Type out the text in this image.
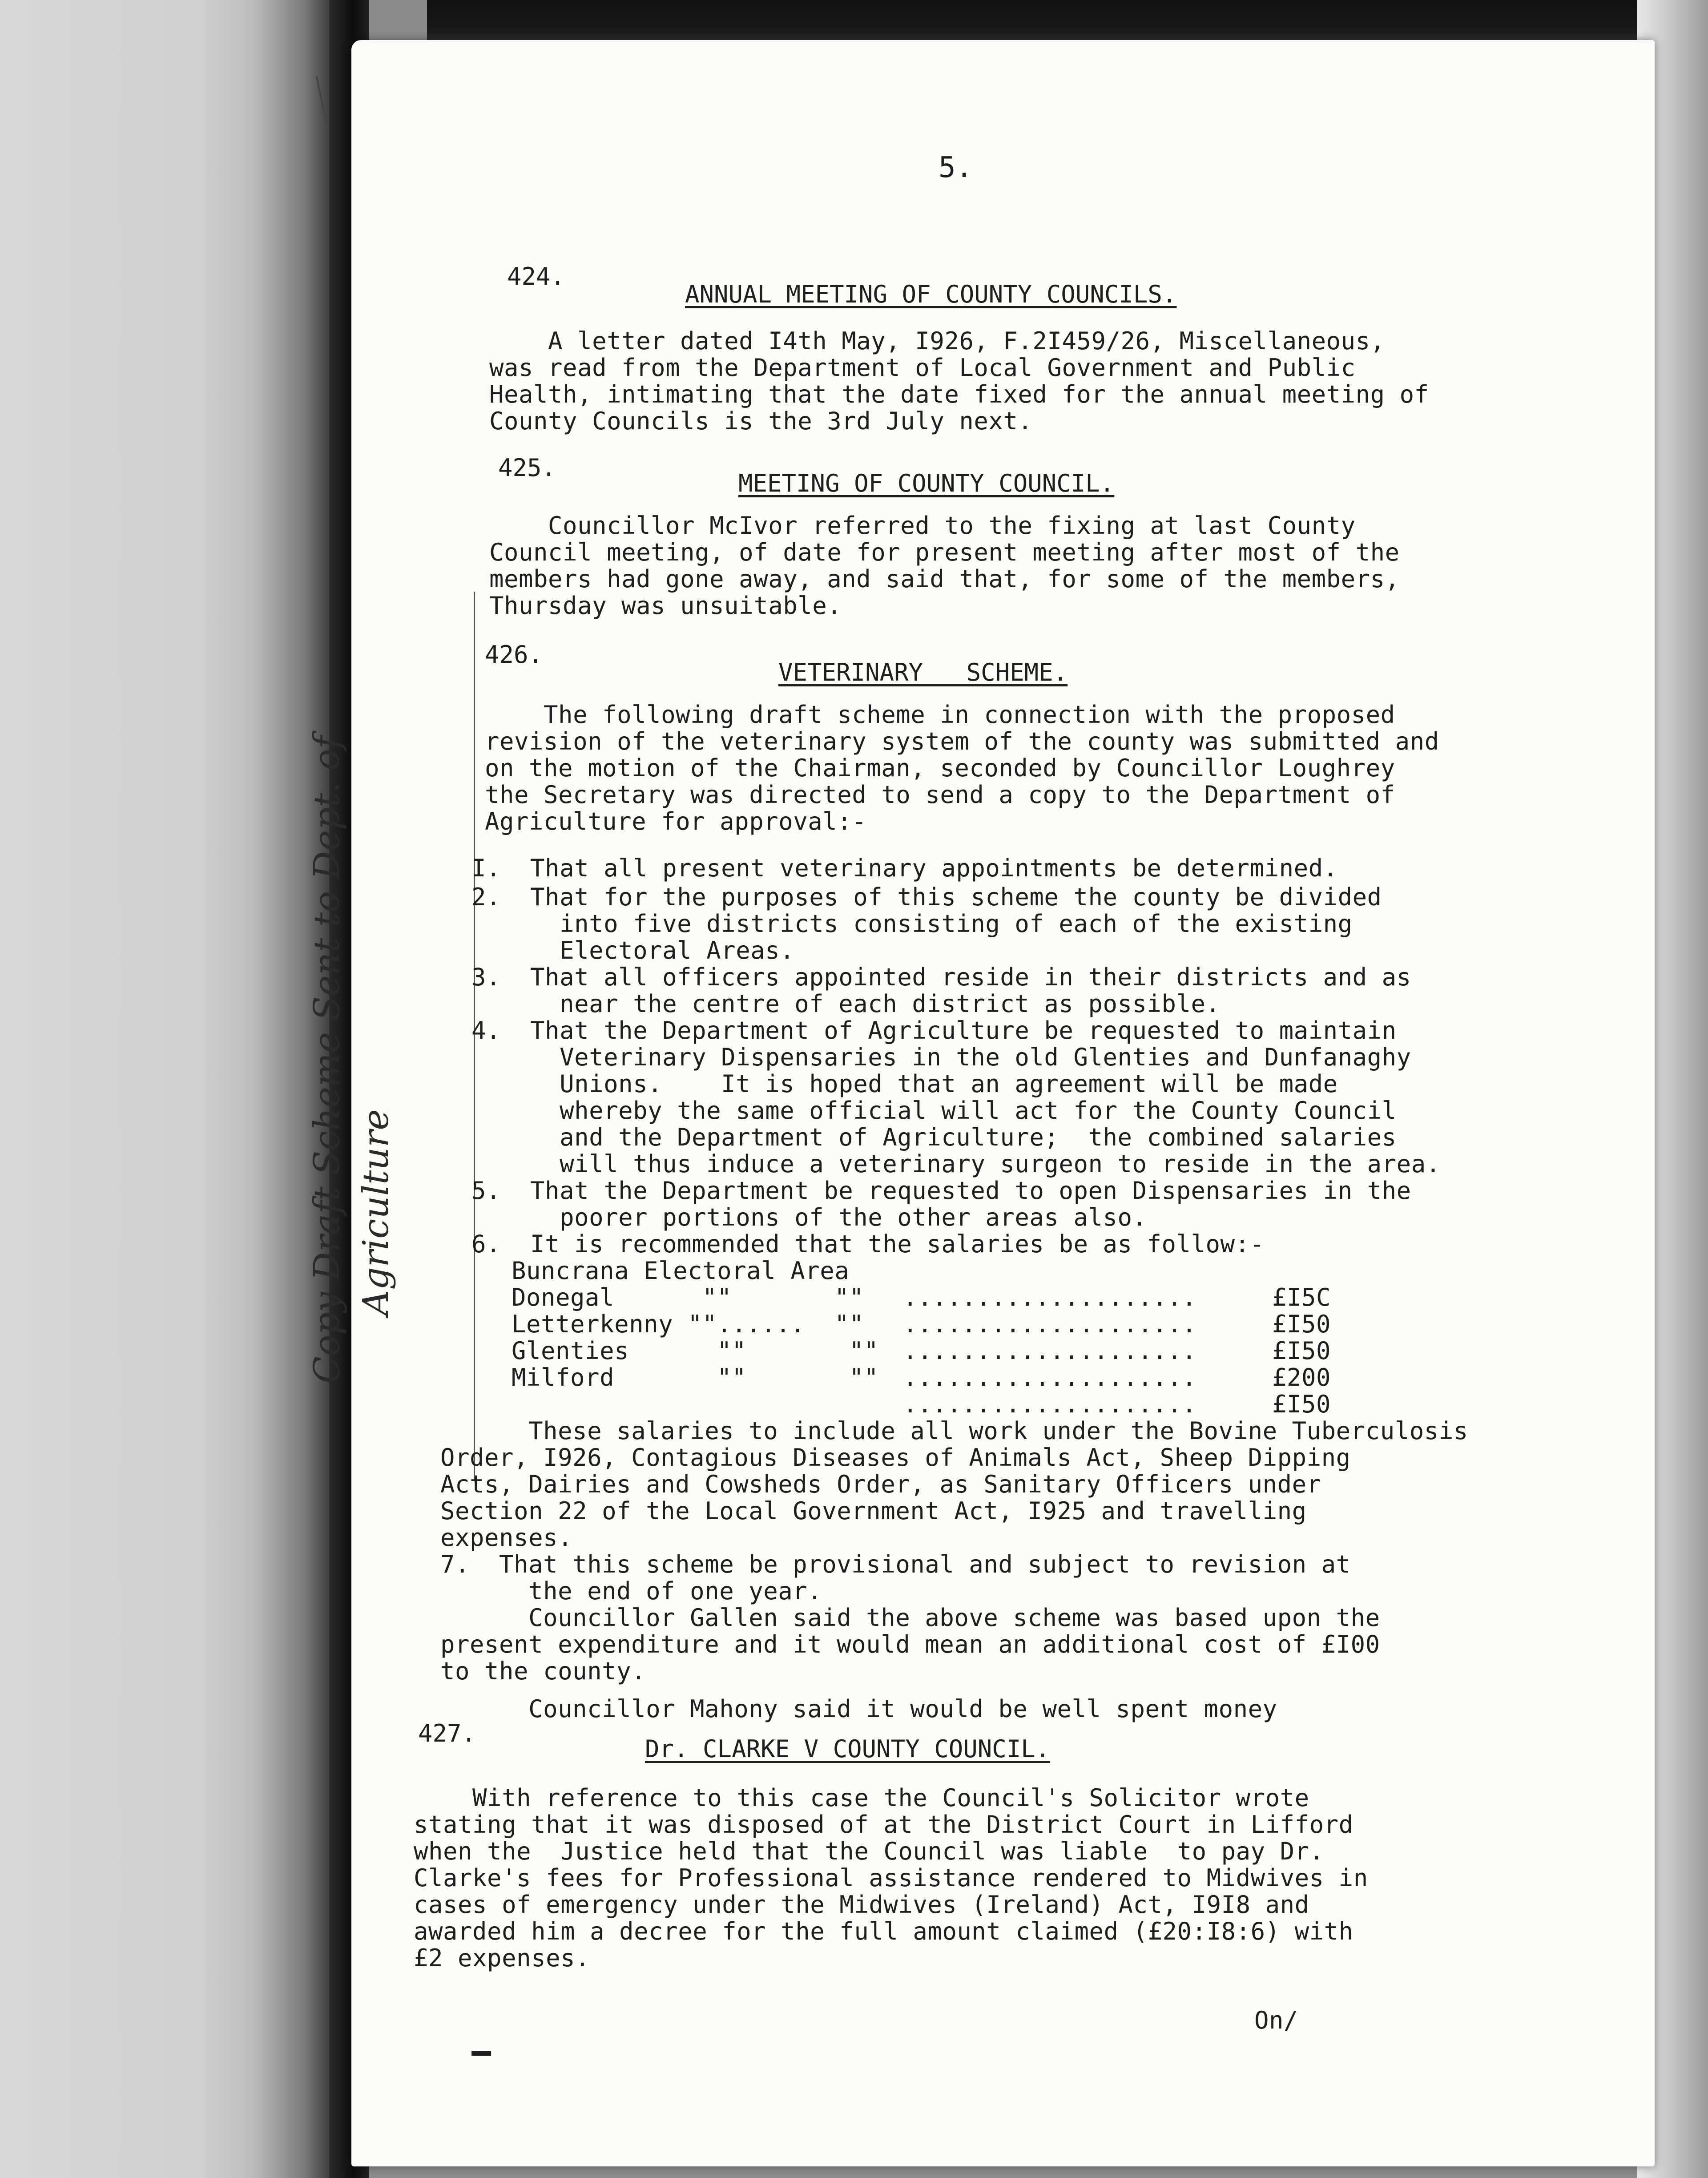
5.
424.
ANNUAL MEETING OF COUNTY COUNCILS.
A letter dated I4th May, I926, F.2I459/26, Miscellaneous,
was read from the Department of Local Government and Public
Health, intimating that the date fixed for the annual meeting of
County Councils is the 3rd July next.
425.
MEETING OF COUNTY COUNCIL.
Councillor McIvor referred to the fixing at last County
Council meeting, of date for present meeting after most of the
members had gone away, and said that, for some of the members,
Thursday was unsuitable.
Copy Draft Scheme Sent to Dept. of
Agriculture
426.
VETERINARY   SCHEME.
The following draft scheme in connection with the proposed
revision of the veterinary system of the county was submitted and
on the motion of the Chairman, seconded by Councillor Loughrey
the Secretary was directed to send a copy to the Department of
Agriculture for approval:-
I.  That all present veterinary appointments be determined.
2.  That for the purposes of this scheme the county be divided
into five districts consisting of each of the existing
Electoral Areas.
3.  That all officers appointed reside in their districts and as
near the centre of each district as possible.
4.  That the Department of Agriculture be requested to maintain
Veterinary Dispensaries in the old Glenties and Dunfanaghy
Unions.    It is hoped that an agreement will be made
whereby the same official will act for the County Council
and the Department of Agriculture;  the combined salaries
will thus induce a veterinary surgeon to reside in the area.
5.  That the Department be requested to open Dispensaries in the
poorer portions of the other areas also.
6.  It is recommended that the salaries be as follow:-
Buncrana Electoral Area
Donegal      ""       "" ....................	£I5C
Letterkenny ""......  "" ....................	£I50
Glenties      ""       "" ....................	£I50
Milford       ""       "" ....................	£200
....................	£I50
These salaries to include all work under the Bovine Tuberculosis
Order, I926, Contagious Diseases of Animals Act, Sheep Dipping
Acts, Dairies and Cowsheds Order, as Sanitary Officers under
Section 22 of the Local Government Act, I925 and travelling
expenses.
7.  That this scheme be provisional and subject to revision at
the end of one year.
Councillor Gallen said the above scheme was based upon the
present expenditure and it would mean an additional cost of £I00
to the county.
Councillor Mahony said it would be well spent money
427.
Dr. CLARKE V COUNTY COUNCIL.
With reference to this case the Council's Solicitor wrote
stating that it was disposed of at the District Court in Lifford
when the  Justice held that the Council was liable  to pay Dr.
Clarke's fees for Professional assistance rendered to Midwives in
cases of emergency under the Midwives (Ireland) Act, I9I8 and
awarded him a decree for the full amount claimed (£20:I8:6) with
£2 expenses.
On/
▬▬
